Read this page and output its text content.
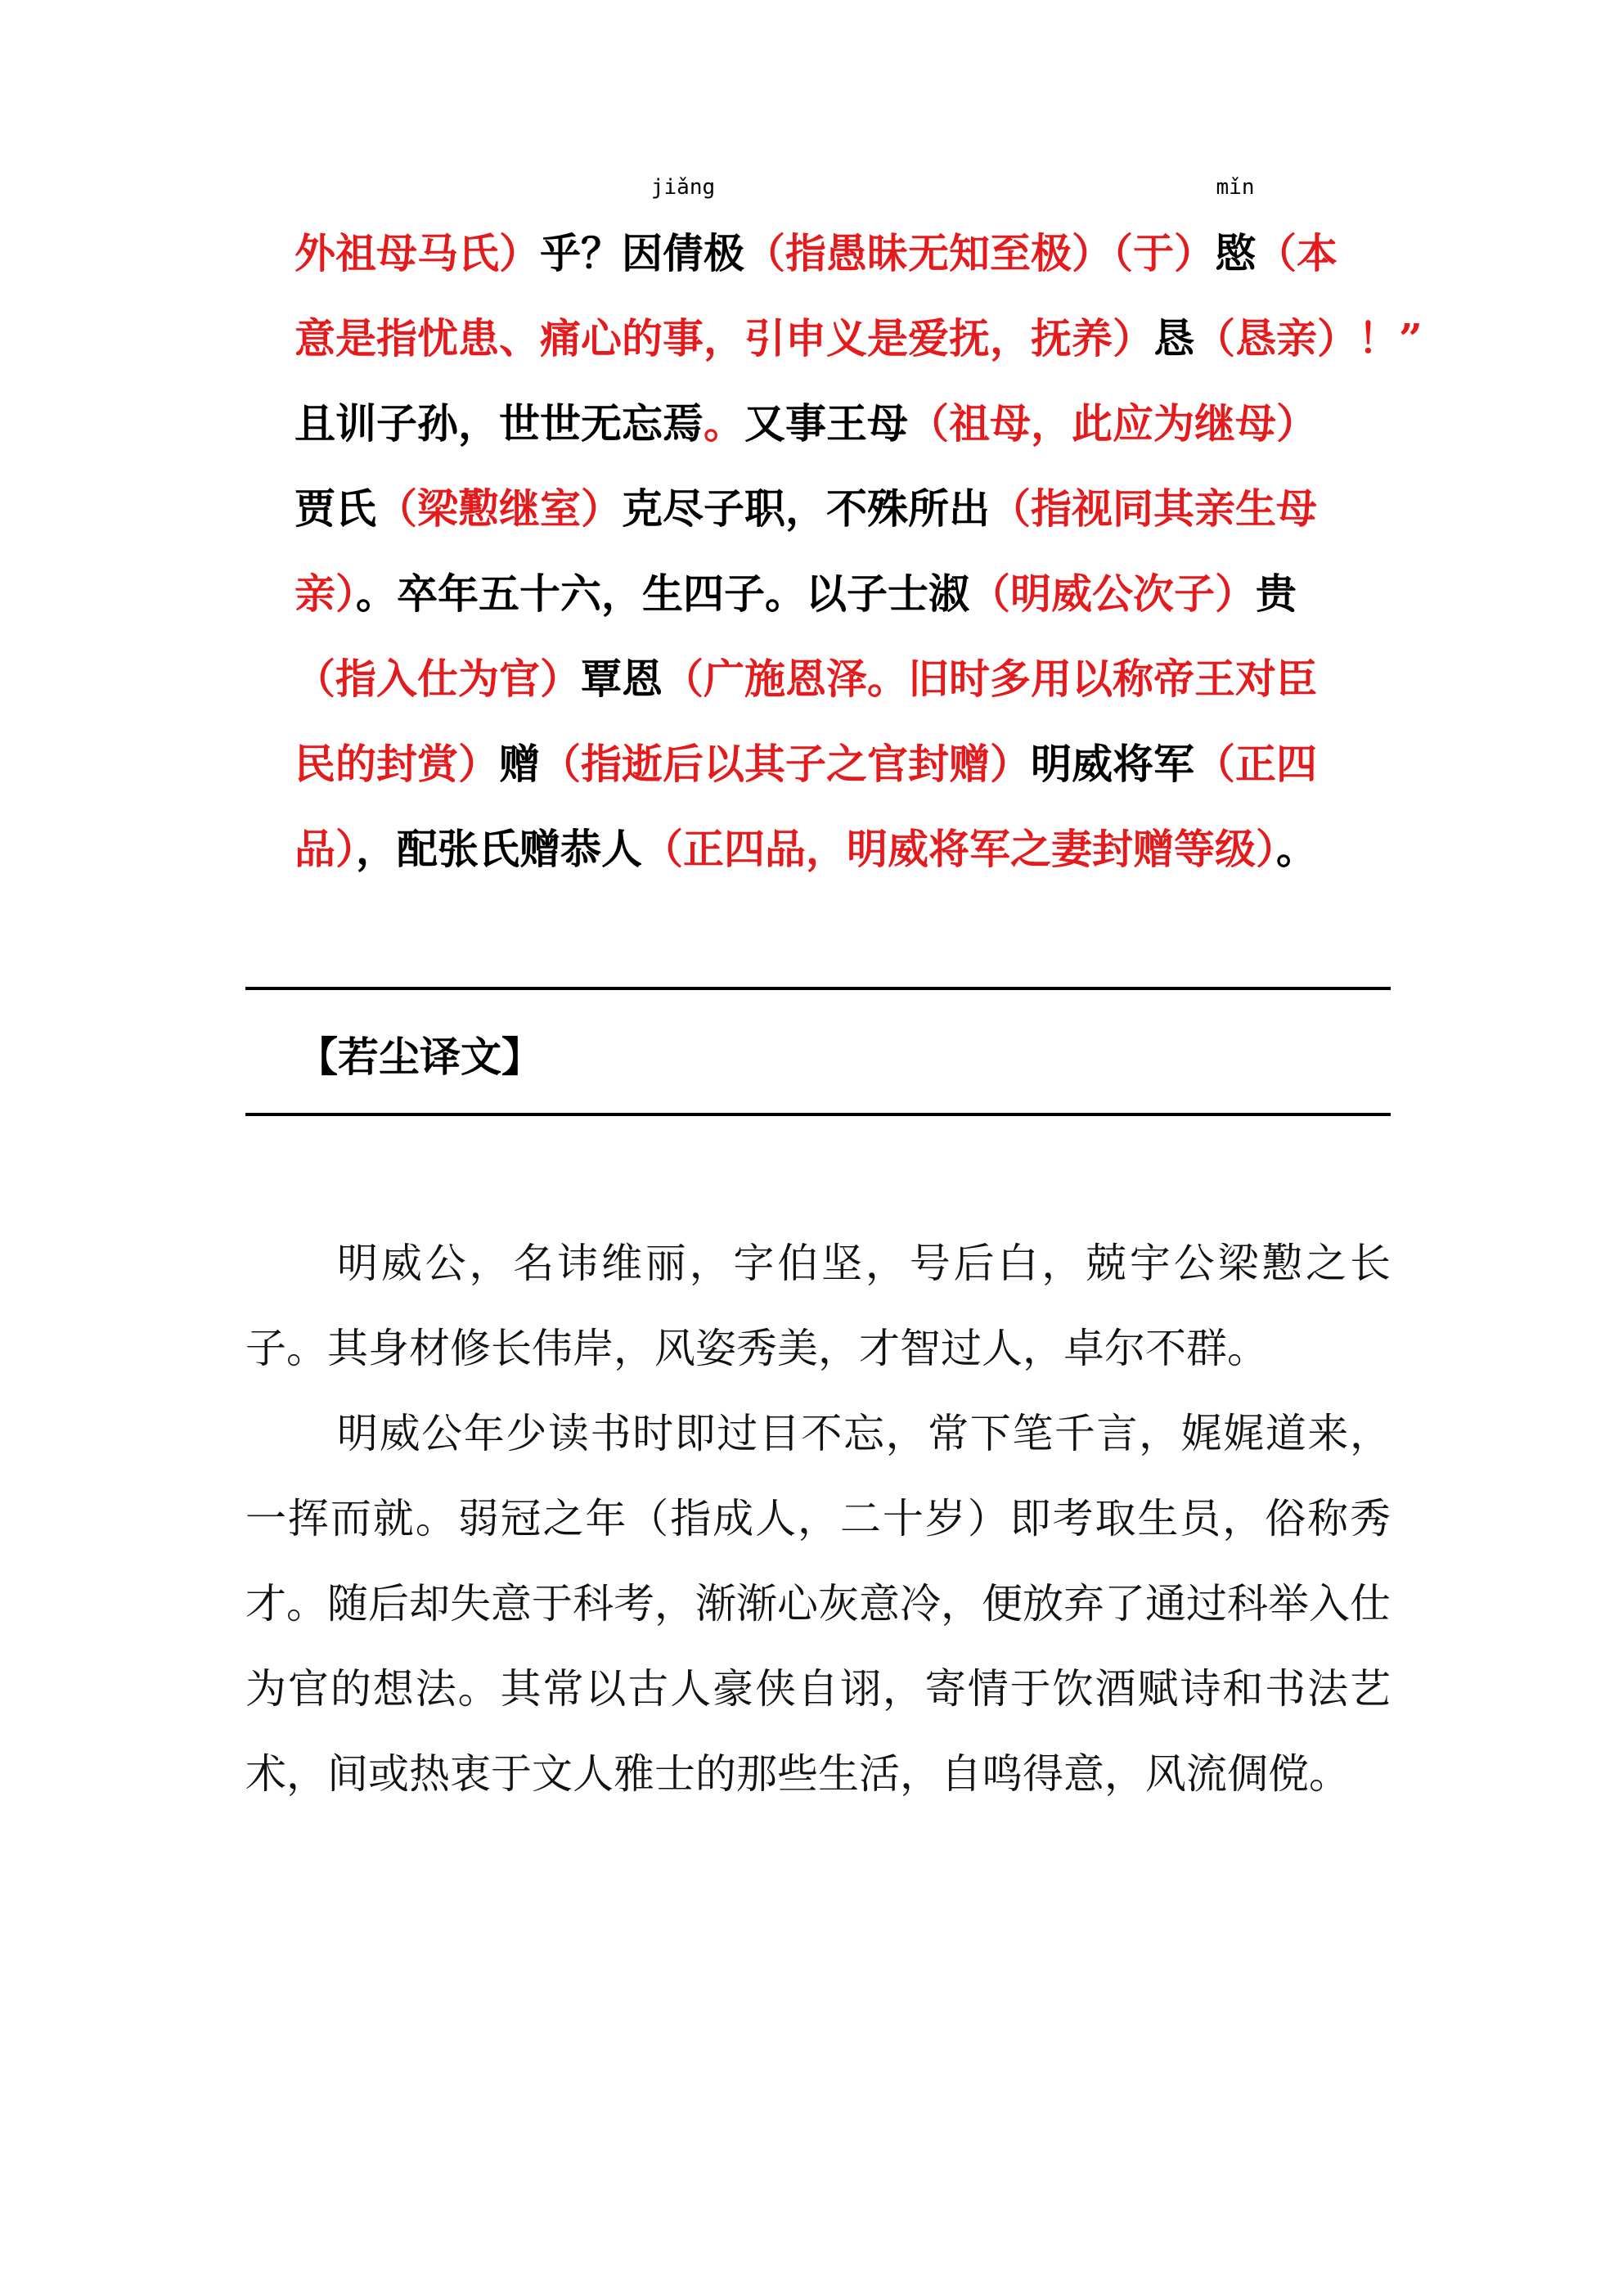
外祖母马氏）乎？因
jiǎng
倩极（指愚昧无知至极）（于）
mǐn
愍（本
意是指忧患、痛心的事，引申义是爱抚，抚养）恳（恳亲）！”
且训子孙，世世无忘焉。又事王母（祖母，此应为继母）
贾氏（梁懃继室）克尽子职，不殊所出（指视同其亲生母
亲）。卒年五十六，生四子。以子士淑（明威公次子）贵
（指入仕为官）覃恩（广施恩泽。旧时多用以称帝王对臣
民的封赏）赠（指逝后以其子之官封赠）明威将军（正四
品），配张氏赠恭人（正四品，明威将军之妻封赠等级）。
【若尘译文】

明威公，名讳维丽，字伯坚，号后白，兢宇公梁懃之长子。其身材修长伟岸，风姿秀美，才智过人，卓尔不群。

明威公年少读书时即过目不忘，常下笔千言，娓娓道来，一挥而就。弱冠之年（指成人，二十岁）即考取生员，俗称秀才。随后却失意于科考，渐渐心灰意冷，便放弃了通过科举入仕为官的想法。其常以古人豪侠自诩，寄情于饮酒赋诗和书法艺术，间或热衷于文人雅士的那些生活，自鸣得意，风流倜傥。
